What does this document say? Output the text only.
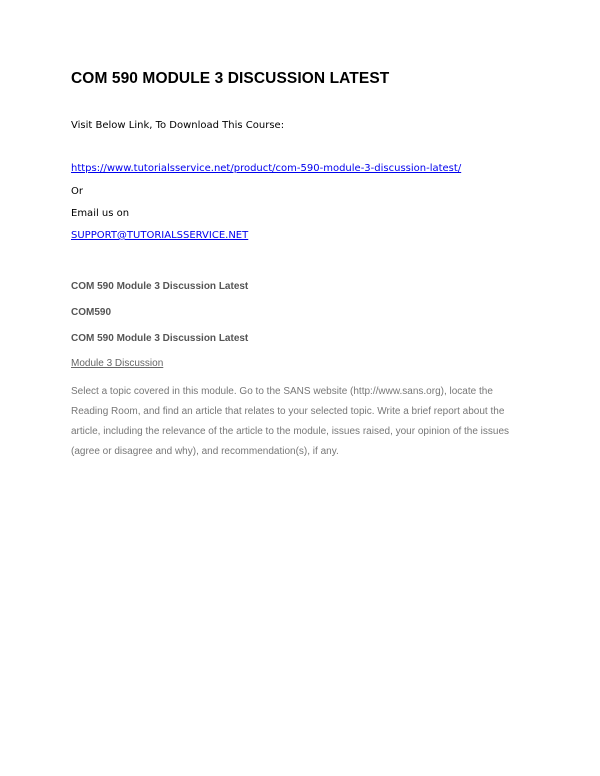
COM 590 MODULE 3 DISCUSSION LATEST
Visit Below Link, To Download This Course:
https://www.tutorialsservice.net/product/com-590-module-3-discussion-latest/
Or
Email us on
SUPPORT@TUTORIALSSERVICE.NET
COM 590 Module 3 Discussion Latest
COM590
COM 590 Module 3 Discussion Latest
Module 3 Discussion

Select a topic covered in this module. Go to the SANS website (http://www.sans.org), locate the Reading Room, and find an article that relates to your selected topic. Write a brief report about the article, including the relevance of the article to the module, issues raised, your opinion of the issues (agree or disagree and why), and recommendation(s), if any.
